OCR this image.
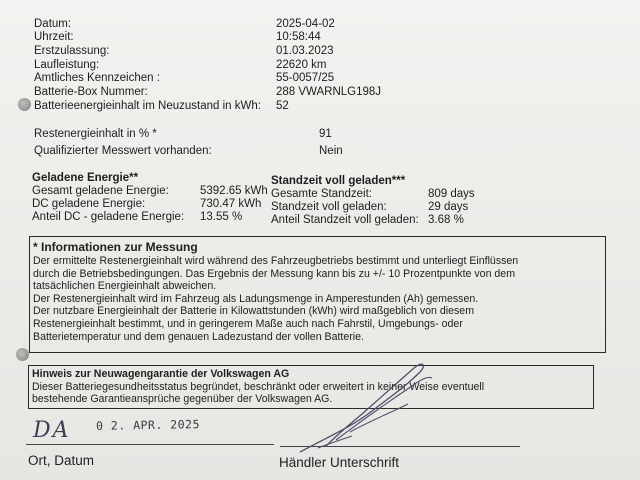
Datum:	2025-04-02
Uhrzeit:	10:58:44
Erstzulassung:	01.03.2023
Laufleistung:	22620 km
Amtliches Kennzeichen :	55-0057/25
Batterie-Box Nummer:	288 VWARNLG198J
Batterieenergieinhalt im Neuzustand in kWh: 52
Restenergieinhalt in % *	91
Qualifizierter Messwert vorhanden:	Nein
Geladene Energie**
Gesamt geladene Energie:	5392.65 kWh
DC geladene Energie:	730.47 kWh
Anteil DC - geladene Energie: 13.55 %
Standzeit voll geladen***
Gesamte Standzeit:	809 days
Standzeit voll geladen:	29 days
Anteil Standzeit voll geladen: 3.68 %
* Informationen zur Messung
Der ermittelte Restenergieinhalt wird während des Fahrzeugbetriebs bestimmt und unterliegt Einflüssen
durch die Betriebsbedingungen. Das Ergebnis der Messung kann bis zu +/- 10 Prozentpunkte von dem
tatsächlichen Energieinhalt abweichen.
Der Restenergieinhalt wird im Fahrzeug als Ladungsmenge in Amperestunden (Ah) gemessen.
Der nutzbare Energieinhalt der Batterie in Kilowattstunden (kWh) wird maßgeblich von diesem
Restenergieinhalt bestimmt, und in geringerem Maße auch nach Fahrstil, Umgebungs- oder
Batterietemperatur und dem genauen Ladezustand der vollen Batterie.
Hinweis zur Neuwagengarantie der Volkswagen AG
Dieser Batteriegesundheitsstatus begründet, beschränkt oder erweitert in keiner Weise eventuell
bestehende Garantieansprüche gegenüber der Volkswagen AG.
DA 0 2. APR. 2025
Ort, Datum	Händler Unterschrift
